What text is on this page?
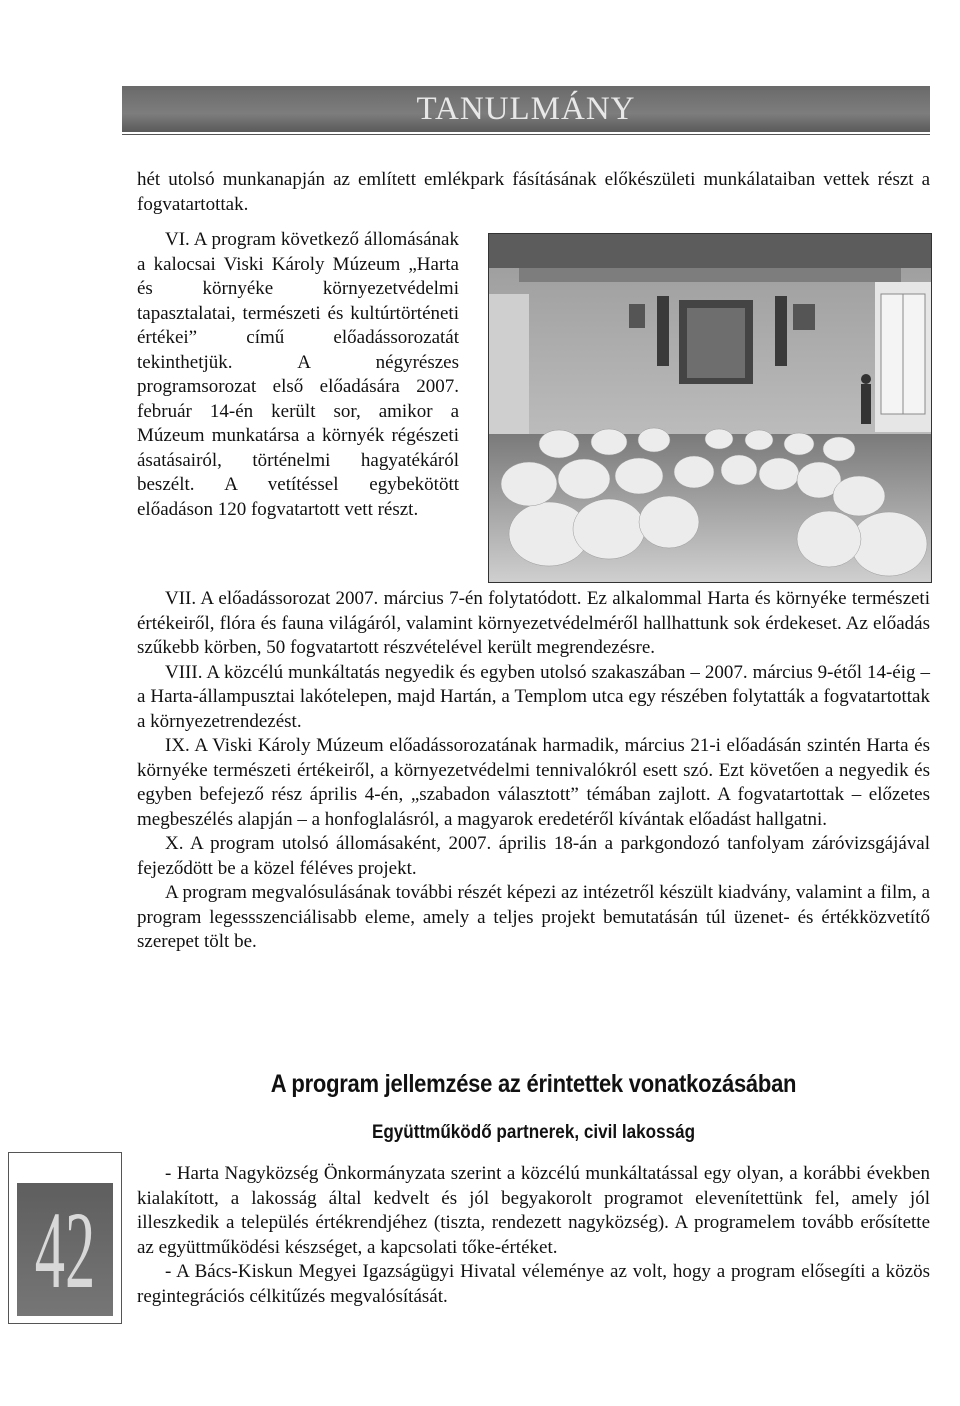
TANULMÁNY

hét utolsó munkanapján az említett emlékpark fásításának előkészületi munkálataiban vettek részt a fogvatartottak.

VI. A program következő állomásának a kalocsai Viski Károly Múzeum „Harta és környéke környezetvédelmi tapasztalatai, természeti és kultúrtörténeti értékei” című előadássorozatát tekinthetjük. A négyrészes programsorozat első előadására 2007. február 14-én került sor, amikor a Múzeum munkatársa a környék régészeti ásatásairól, történelmi hagyatékáról beszélt. A vetítéssel egybekötött előadáson 120 fogvatartott vett részt.

VII. A előadássorozat 2007. március 7-én folytatódott. Ez alkalommal Harta és környéke természeti értékeiről, flóra és fauna világáról, valamint környezetvédelméről hallhattunk sok érdekeset. Az előadás szűkebb körben, 50 fogvatartott részvételével került megrendezésre.

VIII. A közcélú munkáltatás negyedik és egyben utolsó szakaszában – 2007. március 9-étől 14-éig – a Harta-állampusztai lakótelepen, majd Hartán, a Templom utca egy részében folytatták a fogvatartottak a környezetrendezést.

IX. A Viski Károly Múzeum előadássorozatának harmadik, március 21-i előadásán szintén Harta és környéke természeti értékeiről, a környezetvédelmi tennivalókról esett szó. Ezt követően a negyedik és egyben befejező rész április 4-én, „szabadon választott” témában zajlott. A fogvatartottak – előzetes megbeszélés alapján – a honfoglalásról, a magyarok eredetéről kívántak előadást hallgatni.

X. A program utolsó állomásaként, 2007. április 18-án a parkgondozó tanfolyam záróvizsgájával fejeződött be a közel féléves projekt.

A program megvalósulásának további részét képezi az intézetről készült kiadvány, valamint a film, a program legessszenciálisabb eleme, amely a teljes projekt bemutatásán túl üzenet- és értékközvetítő szerepet tölt be.

A program jellemzése az érintettek vonatkozásában
Együttműködő partnerek, civil lakosság

- Harta Nagyközség Önkormányzata szerint a közcélú munkáltatással egy olyan, a korábbi években kialakított, a lakosság által kedvelt és jól begyakorolt programot elevenítettünk fel, amely jól illeszkedik a település értékrendjéhez (tiszta, rendezett nagyközség). A programelem tovább erősítette az együttműködési készséget, a kapcsolati tőke-értéket.

- A Bács-Kiskun Megyei Igazságügyi Hivatal véleménye az volt, hogy a program elősegíti a közös regintegrációs célkitűzés megvalósítását.

42
